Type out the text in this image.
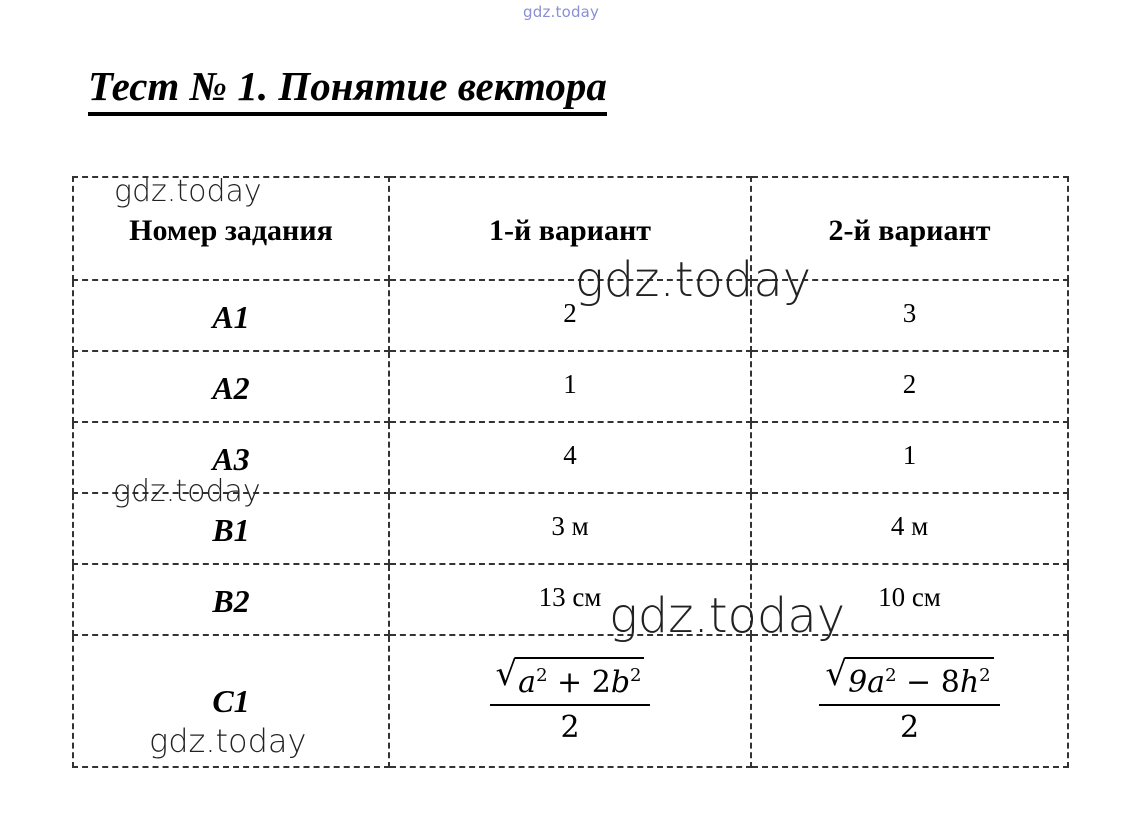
gdz.today
Тест № 1. Понятие вектора
Номер задания	1-й вариант	2-й вариант
A1	2	3
A2	1	2
A3	4	1
B1	3 м	4 м
B2	13 см	10 см
C1	$\frac{√ a^2 + 2b^2}{2}$	$\frac{√ 9a^2 - 8h^2}{2}$
gdz.today
gdz.today
gdz.today
gdz.today
gdz.today
